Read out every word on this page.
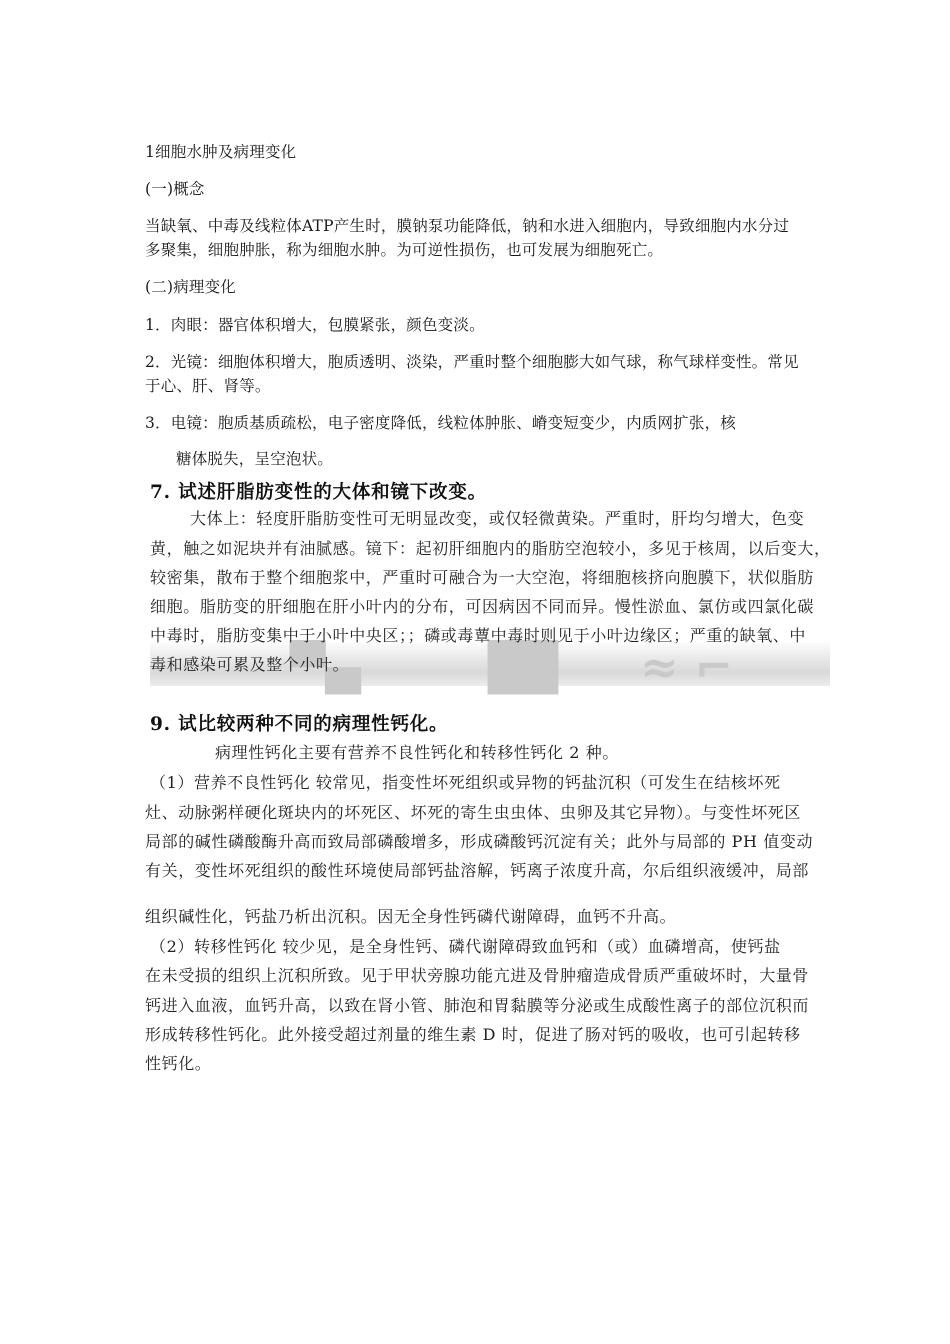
1细胞水肿及病理变化

(一)概念

当缺氧、中毒及线粒体ATP产生时，膜钠泵功能降低，钠和水进入细胞内，导致细胞内水分过

多聚集，细胞肿胀，称为细胞水肿。为可逆性损伤，也可发展为细胞死亡。

(二)病理变化

1．肉眼：器官体积增大，包膜紧张，颜色变淡。

2．光镜：细胞体积增大，胞质透明、淡染，严重时整个细胞膨大如气球，称气球样变性。常见

于心、肝、肾等。

3．电镜：胞质基质疏松，电子密度降低，线粒体肿胀、嵴变短变少，内质网扩张，核

糖体脱失，呈空泡状。

▀▄ ▐█▌ ≈ ⌐

7. 试述肝脂肪变性的大体和镜下改变。

大体上：轻度肝脂肪变性可无明显改变，或仅轻微黄染。严重时，肝均匀增大，色变

黄，触之如泥块并有油腻感。镜下：起初肝细胞内的脂肪空泡较小，多见于核周，以后变大，

较密集，散布于整个细胞浆中，严重时可融合为一大空泡，将细胞核挤向胞膜下，状似脂肪

细胞。脂肪变的肝细胞在肝小叶内的分布，可因病因不同而异。慢性淤血、氯仿或四氯化碳

中毒时，脂肪变集中于小叶中央区；；磷或毒蕈中毒时则见于小叶边缘区；严重的缺氧、中

毒和感染可累及整个小叶。

9. 试比较两种不同的病理性钙化。

病理性钙化主要有营养不良性钙化和转移性钙化 2 种。

（1）营养不良性钙化 较常见，指变性坏死组织或异物的钙盐沉积（可发生在结核坏死

灶、动脉粥样硬化斑块内的坏死区、坏死的寄生虫虫体、虫卵及其它异物）。与变性坏死区

局部的碱性磷酸酶升高而致局部磷酸增多，形成磷酸钙沉淀有关；此外与局部的 PH 值变动

有关，变性坏死组织的酸性环境使局部钙盐溶解，钙离子浓度升高，尔后组织液缓冲，局部

组织碱性化，钙盐乃析出沉积。因无全身性钙磷代谢障碍，血钙不升高。

（2）转移性钙化 较少见，是全身性钙、磷代谢障碍致血钙和（或）血磷增高，使钙盐

在未受损的组织上沉积所致。见于甲状旁腺功能亢进及骨肿瘤造成骨质严重破坏时，大量骨

钙进入血液，血钙升高，以致在肾小管、肺泡和胃黏膜等分泌或生成酸性离子的部位沉积而

形成转移性钙化。此外接受超过剂量的维生素 D 时，促进了肠对钙的吸收，也可引起转移

性钙化。
